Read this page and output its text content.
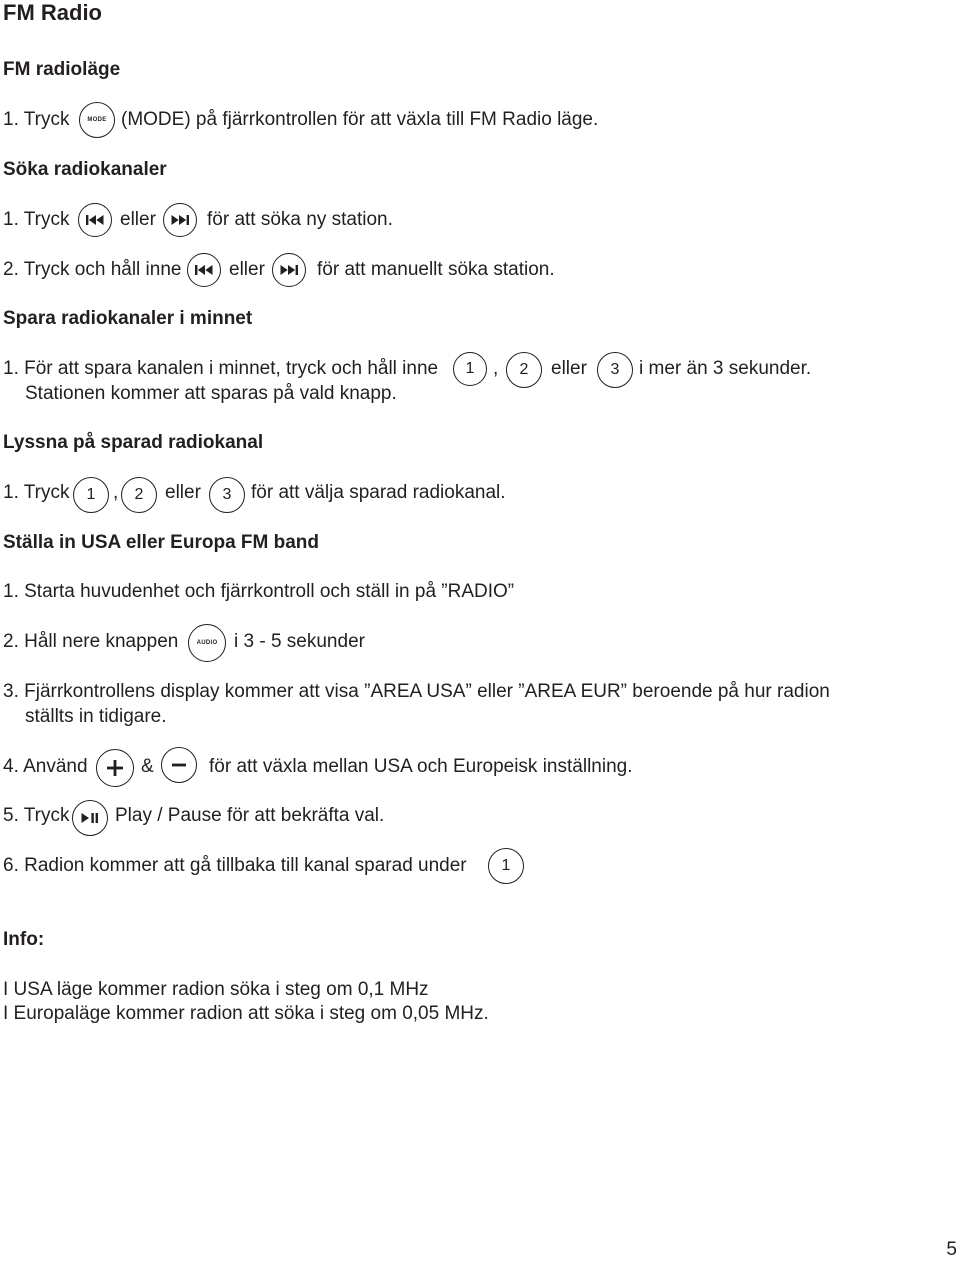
FM Radio
FM radioläge
1. Tryck	MODE (MODE) på fjärrkontrollen för att växla till FM Radio läge.
Söka radiokanaler
1. Tryck	eller	för att söka ny station.
2. Tryck och håll inne	eller	för att manuellt söka station.
Spara radiokanaler i minnet
1. För att spara kanalen i minnet, tryck och håll inne 1 , 2 eller 3 i mer än 3 sekunder.
Stationen kommer att sparas på vald knapp.
Lyssna på sparad radiokanal
1. Tryck 1 , 2 eller 3 för att välja sparad radiokanal.
Ställa in USA eller Europa FM band
1. Starta huvudenhet och fjärrkontroll och ställ in på ”RADIO”
2. Håll nere knappen	AUDIO i 3 - 5 sekunder
3. Fjärrkontrollens display kommer att visa ”AREA USA” eller ”AREA EUR” beroende på hur radion
ställts in tidigare.
4. Använd	&	för att växla mellan USA och Europeisk inställning.
5. Tryck Play / Pause för att bekräfta val.
6. Radion kommer att gå tillbaka till kanal sparad under 1
Info:
I USA läge kommer radion söka i steg om 0,1 MHz
I Europaläge kommer radion att söka i steg om 0,05 MHz.
5
